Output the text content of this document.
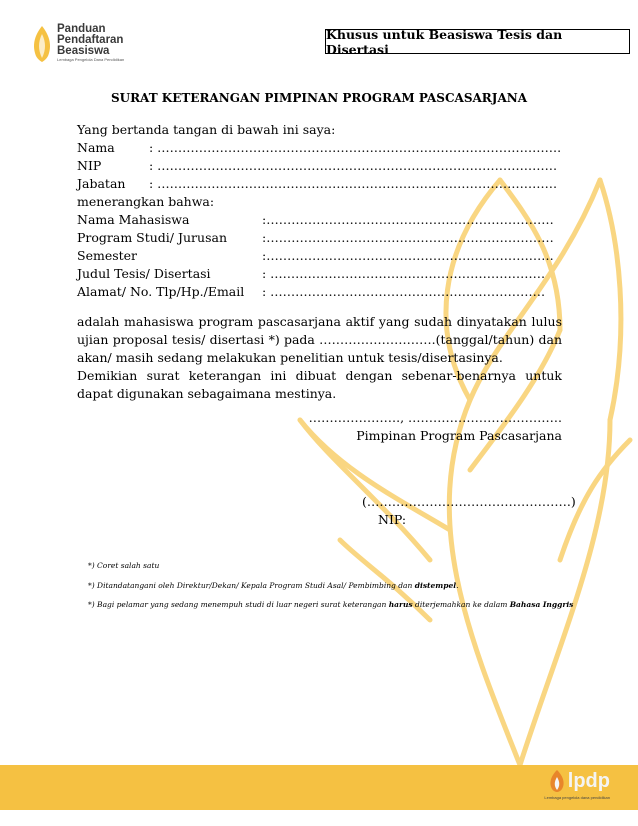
Panduan
Pendaftaran
Beasiswa
Lembaga Pengelola Dana Pendidikan
Khusus untuk Beasiswa Tesis dan Disertasi
SURAT KETERANGAN PIMPINAN PROGRAM PASCASARJANA
Yang bertanda tangan di bawah ini saya:
Nama	: …………………………………………………………………………………….
NIP	: ……………………………………………………………………………………
Jabatan	: ……………………………………………………………………………………
menerangkan bahwa:
Nama Mahasiswa	:……………………………………………………………
Program Studi/ Jurusan	:……………………………………………………………
Semester	:……………………………………………………………
Judul Tesis/ Disertasi	: …………………………………………………………
Alamat/ No. Tlp/Hp./Email	: …………………………………………………………

adalah mahasiswa program pascasarjana aktif yang sudah dinyatakan lulus ujian proposal tesis/ disertasi *) pada ……………………….(tanggal/tahun) dan akan/ masih sedang melakukan penelitian untuk tesis/disertasinya.

Demikian surat keterangan ini dibuat dengan sebenar-benarnya untuk dapat digunakan sebagaimana mestinya.

…………………., ……………………………….
Pimpinan Program Pascasarjana
(………………………………………….)
NIP:
*) Coret salah satu
*) Ditandatangani oleh Direktur/Dekan/ Kepala Program Studi Asal/ Pembimbing dan distempel.
*) Bagi pelamar yang sedang menempuh studi di luar negeri surat keterangan harus diterjemahkan ke dalam Bahasa Inggris
lpdp
Lembaga pengelola dana pendidikan
